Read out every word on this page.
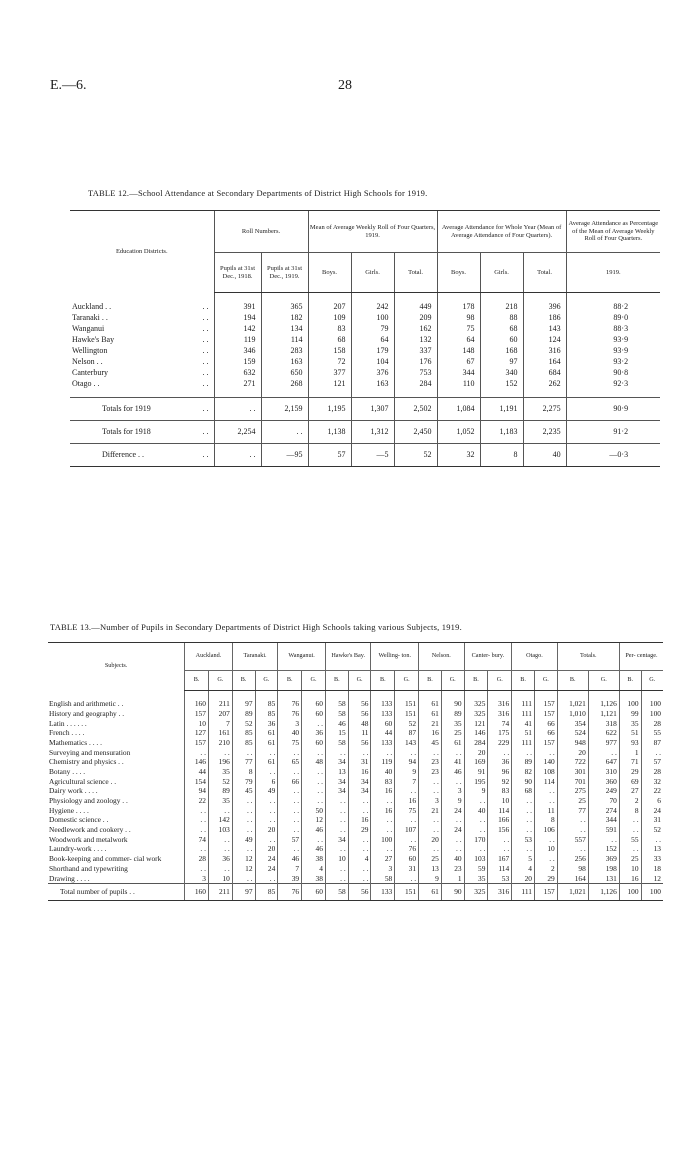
E.—6.	28
TABLE 12.—School Attendance at Secondary Departments of District High Schools for 1919.
Education Districts.		Roll Numbers.		Mean of Average Weekly Roll of Four Quarters, 1919.			Average Attendance for Whole Year (Mean of Average Attendance of Four Quarters).			Average Attendance as Percentage of the Mean of Average Weekly Roll of Four Quarters.
		Pupils at 31st Dec., 1918.	Pupils at 31st Dec., 1919.	Boys.	Girls.	Total.	Boys.	Girls.	Total.	1919.

Auckland . .	. .	391	365	207	242	449	178	218	396	88·2
Taranaki . .	. .	194	182	109	100	209	98	88	186	89·0
Wanganui	. .	142	134	83	79	162	75	68	143	88·3
Hawke's Bay	. .	119	114	68	64	132	64	60	124	93·9
Wellington	. .	346	283	158	179	337	148	168	316	93·9
Nelson . .	. .	159	163	72	104	176	67	97	164	93·2
Canterbury	. .	632	650	377	376	753	344	340	684	90·8
Otago . .	. .	271	268	121	163	284	110	152	262	92·3

Totals for 1919	. .	. .	2,159	1,195	1,307	2,502	1,084	1,191	2,275	90·9
Totals for 1918	. .	2,254	. .	1,138	1,312	2,450	1,052	1,183	2,235	91·2
Difference . .	. .	. .	—95	57	—5	52	32	8	40	—0·3
TABLE 13.—Number of Pupils in Secondary Departments of District High Schools taking various Subjects, 1919.
Subjects.	Auckland.		Taranaki.		Wanganui.		Hawke's Bay.		Welling- ton.		Nelson.		Canter- bury.		Otago.		Totals.		Per- centage.	
	B.	G.	B.	G.	B.	G.	B.	G.	B.	G.	B.	G.	B.	G.	B.	G.	B.	G.	B.	G.

English and arithmetic . .	160	211	97	85	76	60	58	56	133	151	61	90	325	316	111	157	1,021	1,126	100	100
History and geography . .	157	207	89	85	76	60	58	56	133	151	61	89	325	316	111	157	1,010	1,121	99	100
Latin . . . . . .	10	7	52	36	3	. .	46	48	60	52	21	35	121	74	41	66	354	318	35	28
French . . . .	127	161	85	61	40	36	15	11	44	87	16	25	146	175	51	66	524	622	51	55
Mathematics . . . .	157	210	85	61	75	60	58	56	133	143	45	61	284	229	111	157	948	977	93	87
Surveying and mensuration	. .	. .	. .	. .	. .	. .	. .	. .	. .	. .	. .	. .	20	. .	. .	. .	20	. .	1	. .
Chemistry and physics . .	146	196	77	61	65	48	34	31	119	94	23	41	169	36	89	140	722	647	71	57
Botany . . . .	44	35	8	. .	. .	. .	13	16	40	9	23	46	91	96	82	108	301	310	29	28
Agricultural science . .	154	52	79	6	66	. .	34	34	83	7	. .	. .	195	92	90	114	701	360	69	32
Dairy work . . . .	94	89	45	49	. .	. .	34	34	16	. .	. .	3	9	83	68	. .	275	249	27	22
Physiology and zoology . .	22	35	. .	. .	. .	. .	. .	. .	. .	16	3	9	. .	10	. .	. .	25	70	2	6
Hygiene . . . .	. .	. .	. .	. .	. .	50	. .	. .	16	75	21	24	40	114	. .	11	77	274	8	24
Domestic science . .	. .	142	. .	. .	. .	12	. .	16	. .	. .	. .	. .	. .	166	. .	8	. .	344	. .	31
Needlework and cookery . .	. .	103	. .	20	. .	46	. .	29	. .	107	. .	24	. .	156	. .	106	. .	591	. .	52
Woodwork and metalwork	74	. .	49	. .	57	. .	34	. .	100	. .	20	. .	170	. .	53	. .	557	. .	55	. .
Laundry-work . . . .	. .	. .	. .	20	. .	46	. .	. .	. .	76	. .	. .	. .	. .	. .	10	. .	152	. .	13
Book-keeping and commer- cial work	28	36	12	24	46	38	10	4	27	60	25	40	103	167	5	. .	256	369	25	33
Shorthand and typewriting	. .	. .	12	24	7	4	. .	. .	3	31	13	23	59	114	4	2	98	198	10	18
Drawing . . . .	3	10	. .	. .	39	38	. .	. .	58	. .	9	1	35	53	20	29	164	131	16	12
Total number of pupils . .	160	211	97	85	76	60	58	56	133	151	61	90	325	316	111	157	1,021	1,126	100	100
